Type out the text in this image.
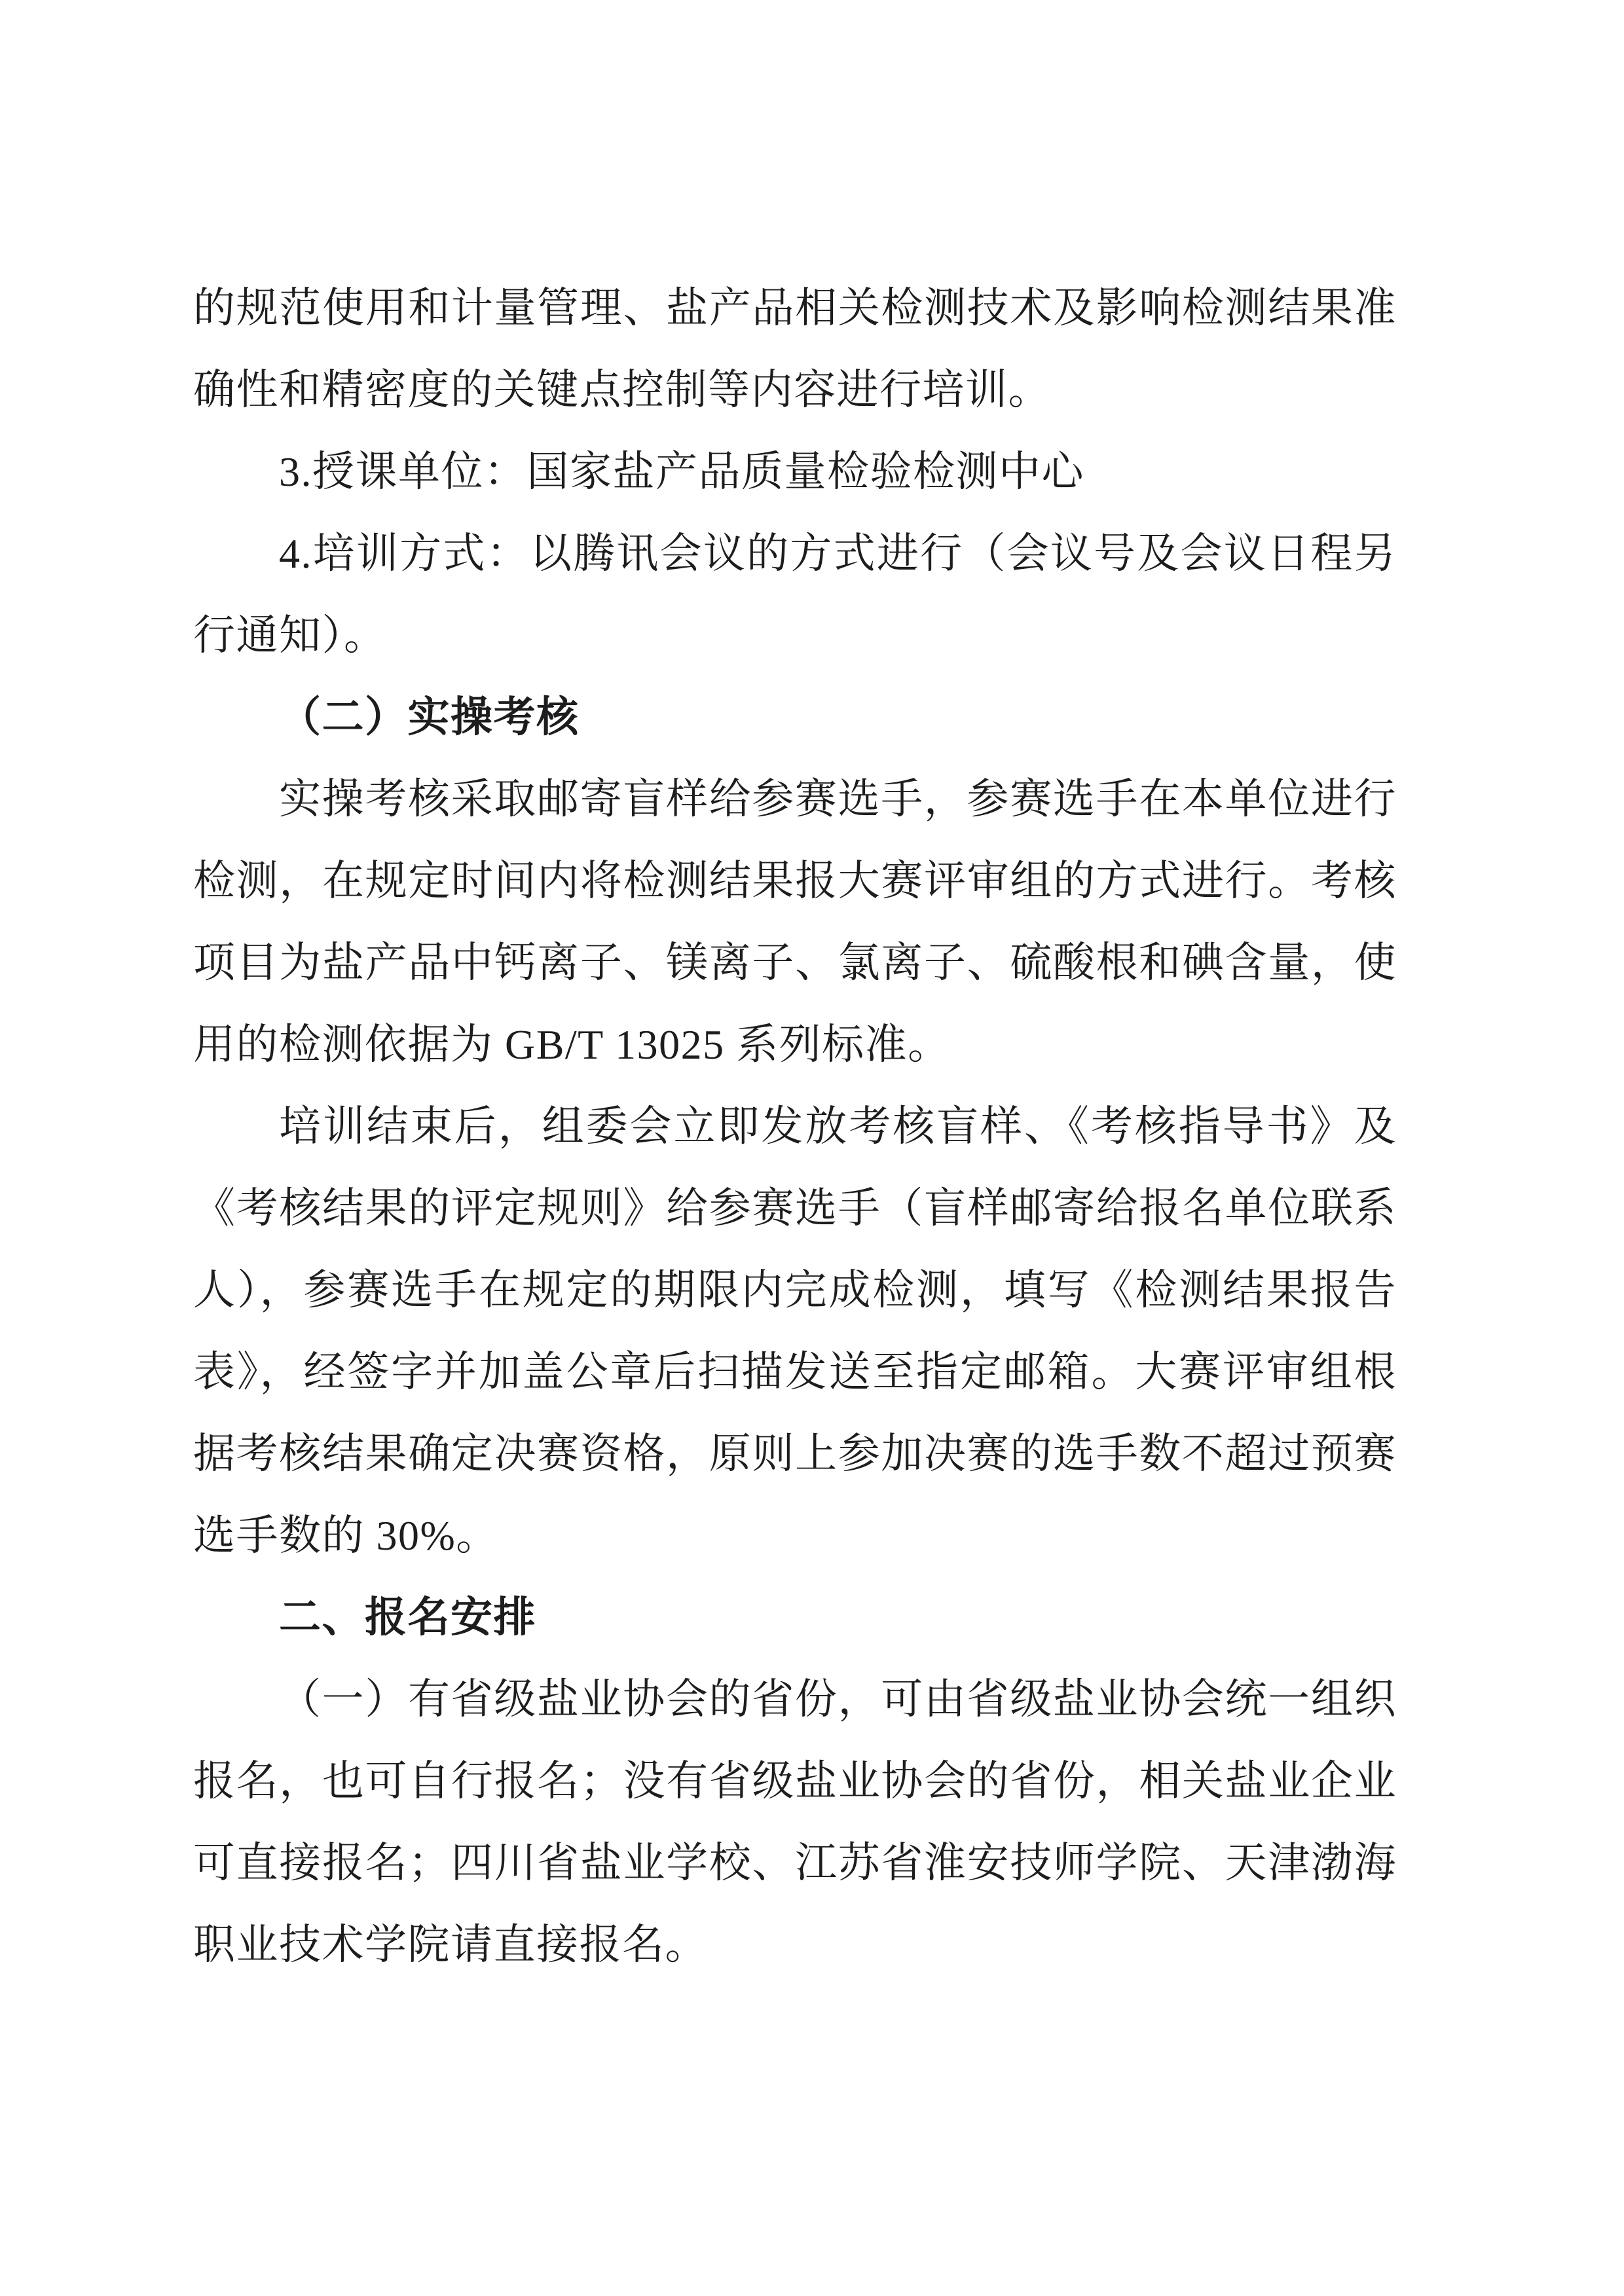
的规范使用和计量管理、盐产品相关检测技术及影响检测结果准
确性和精密度的关键点控制等内容进行培训。
3.授课单位：国家盐产品质量检验检测中心
4.培训方式：以腾讯会议的方式进行（会议号及会议日程另
行通知）。
（二）实操考核
实操考核采取邮寄盲样给参赛选手，参赛选手在本单位进行
检测，在规定时间内将检测结果报大赛评审组的方式进行。考核
项目为盐产品中钙离子、镁离子、氯离子、硫酸根和碘含量，使
用的检测依据为 GB/T 13025 系列标准。
培训结束后，组委会立即发放考核盲样、《考核指导书》及
《考核结果的评定规则》给参赛选手（盲样邮寄给报名单位联系
人），参赛选手在规定的期限内完成检测，填写《检测结果报告
表》，经签字并加盖公章后扫描发送至指定邮箱。大赛评审组根
据考核结果确定决赛资格，原则上参加决赛的选手数不超过预赛
选手数的 30%。
二、报名安排
（一）有省级盐业协会的省份，可由省级盐业协会统一组织
报名，也可自行报名；没有省级盐业协会的省份，相关盐业企业
可直接报名；四川省盐业学校、江苏省淮安技师学院、天津渤海
职业技术学院请直接报名。
